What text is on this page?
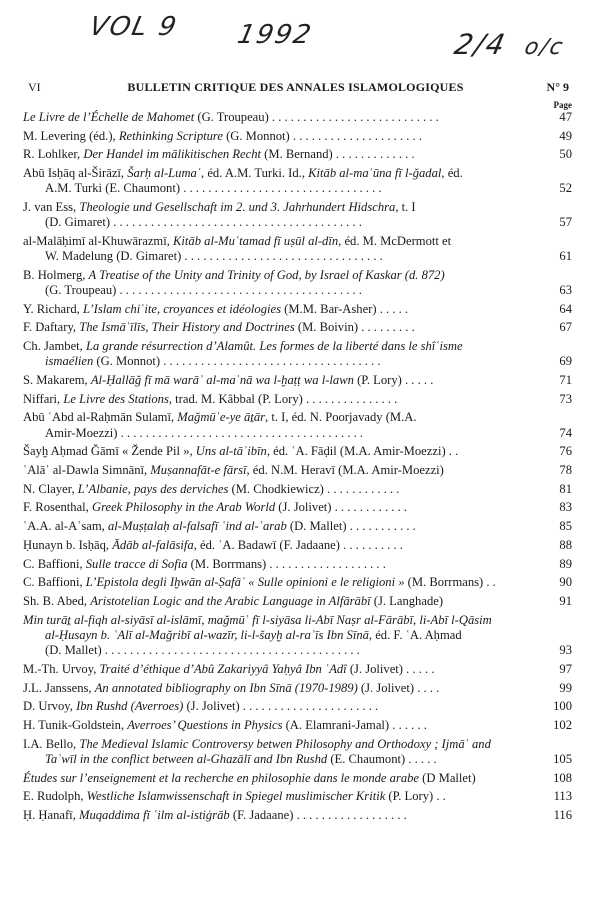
VOL 9 1992	2/4 o/c
VI	BULLETIN CRITIQUE DES ANNALES ISLAMOLOGIQUES	N° 9
Page
Le Livre de l’Échelle de Mahomet (G. Troupeau) . . . . . . . . . . . . . . . . . . . . . . . . . . .	47
M. Levering (éd.), Rethinking Scripture (G. Monnot) . . . . . . . . . . . . . . . . . . . . .	49
R. Lohlker, Der Handel im mālikitischen Recht (M. Bernand) . . . . . . . . . . . . .	50
Abū Isḥāq al-Širāzī, Šarḥ al-Lumaʿ, éd. A.M. Turki. Id., Kitāb al-maʿūna fī l-ğadal, éd.
A.M. Turki (E. Chaumont) . . . . . . . . . . . . . . . . . . . . . . . . . . . . . . . .	52
J. van Ess, Theologie und Gesellschaft im 2. und 3. Jahrhundert Hidschra, t. I
(D. Gimaret) . . . . . . . . . . . . . . . . . . . . . . . . . . . . . . . . . . . . . . . .	57
al-Malāḥimī al-Khuwārazmī, Kitāb al-Muʿtamad fī uṣūl al-dīn, éd. M. McDermott et
W. Madelung (D. Gimaret) . . . . . . . . . . . . . . . . . . . . . . . . . . . . . . . .	61
B. Holmerg, A Treatise of the Unity and Trinity of God, by Israel of Kaskar (d. 872)
(G. Troupeau) . . . . . . . . . . . . . . . . . . . . . . . . . . . . . . . . . . . . . . .	63
Y. Richard, L’Islam chiʿite, croyances et idéologies (M.M. Bar-Asher) . . . . .	64
F. Daftary, The Ismāʿīlīs, Their History and Doctrines (M. Boivin) . . . . . . . . .	67
Ch. Jambet, La grande résurrection d’Alamût. Les formes de la liberté dans le shîʿisme
ismaélien (G. Monnot) . . . . . . . . . . . . . . . . . . . . . . . . . . . . . . . . . . .	69
S. Makarem, Al-Ḥallāğ fī mā warāʾ al-maʿnā wa l-ḫaṭṭ wa l-lawn (P. Lory) . . . . .	71
Niffari, Le Livre des Stations, trad. M. Kâbbal (P. Lory) . . . . . . . . . . . . . . .	73
Abū ʿAbd al-Raḥmān Sulamī, Mağmūʿe-ye āṯār, t. I, éd. N. Poorjavady (M.A.
Amir-Moezzi) . . . . . . . . . . . . . . . . . . . . . . . . . . . . . . . . . . . . . . .	74
Šayḫ Aḥmad Ğāmī « Žende Pil », Uns al-tāʾibīn, éd. ʿA. Fāḍil (M.A. Amir-Moezzi) . .	76
ʿAlāʾ al-Dawla Simnānī, Muṣannafāt-e fārsī, éd. N.M. Heravī (M.A. Amir-Moezzi)	78
N. Clayer, L’Albanie, pays des derviches (M. Chodkiewicz) . . . . . . . . . . . .	81
F. Rosenthal, Greek Philosophy in the Arab World (J. Jolivet) . . . . . . . . . . . .	83
ʿA.A. al-Aʿsam, al-Muṣṭalaḥ al-falsafī ʿind al-ʿarab (D. Mallet) . . . . . . . . . . .	85
Ḥunayn b. Isḥāq, Ādāb al-falāsifa, éd. ʿA. Badawī (F. Jadaane) . . . . . . . . . .	88
C. Baffioni, Sulle tracce di Sofia (M. Borrmans) . . . . . . . . . . . . . . . . . . .	89
C. Baffioni, L’Epistola degli Iḫwān al-Ṣafāʾ « Sulle opinioni e le religioni » (M. Borrmans) . .	90
Sh. B. Abed, Aristotelian Logic and the Arabic Language in Alfārābī (J. Langhade)	91
Min turāṯ al-fiqh al-siyāsī al-islāmī, mağmūʿ fī l-siyāsa li-Abī Naṣr al-Fārābī, li-Abī l-Qāsim
al-Ḥusayn b. ʿAlī al-Mağribī al-wazīr, li-l-šayḫ al-raʾīs Ibn Sīnā, éd. F. ʿA. Aḥmad
(D. Mallet) . . . . . . . . . . . . . . . . . . . . . . . . . . . . . . . . . . . . . . . . .	93
M.-Th. Urvoy, Traité d’éthique d’Abû Zakariyyâ Yaḥyâ Ibn ʿAdî (J. Jolivet) . . . . .	97
J.L. Janssens, An annotated bibliography on Ibn Sīnā (1970-1989) (J. Jolivet) . . . .	99
D. Urvoy, Ibn Rushd (Averroes) (J. Jolivet) . . . . . . . . . . . . . . . . . . . . . .	100
H. Tunik-Goldstein, Averroes’ Questions in Physics (A. Elamrani-Jamal) . . . . . .	102
I.A. Bello, The Medieval Islamic Controversy betwen Philosophy and Orthodoxy ; Ijmāʿ and
Taʾwīl in the conflict between al-Ghazālī and Ibn Rushd (E. Chaumont) . . . . .	105
Études sur l’enseignement et la recherche en philosophie dans le monde arabe (D Mallet)	108
E. Rudolph, Westliche Islamwissenschaft in Spiegel muslimischer Kritik (P. Lory) . .	113
Ḥ. Ḥanafī, Muqaddima fī ʿilm al-istiġrāb (F. Jadaane) . . . . . . . . . . . . . . . . . .	116
